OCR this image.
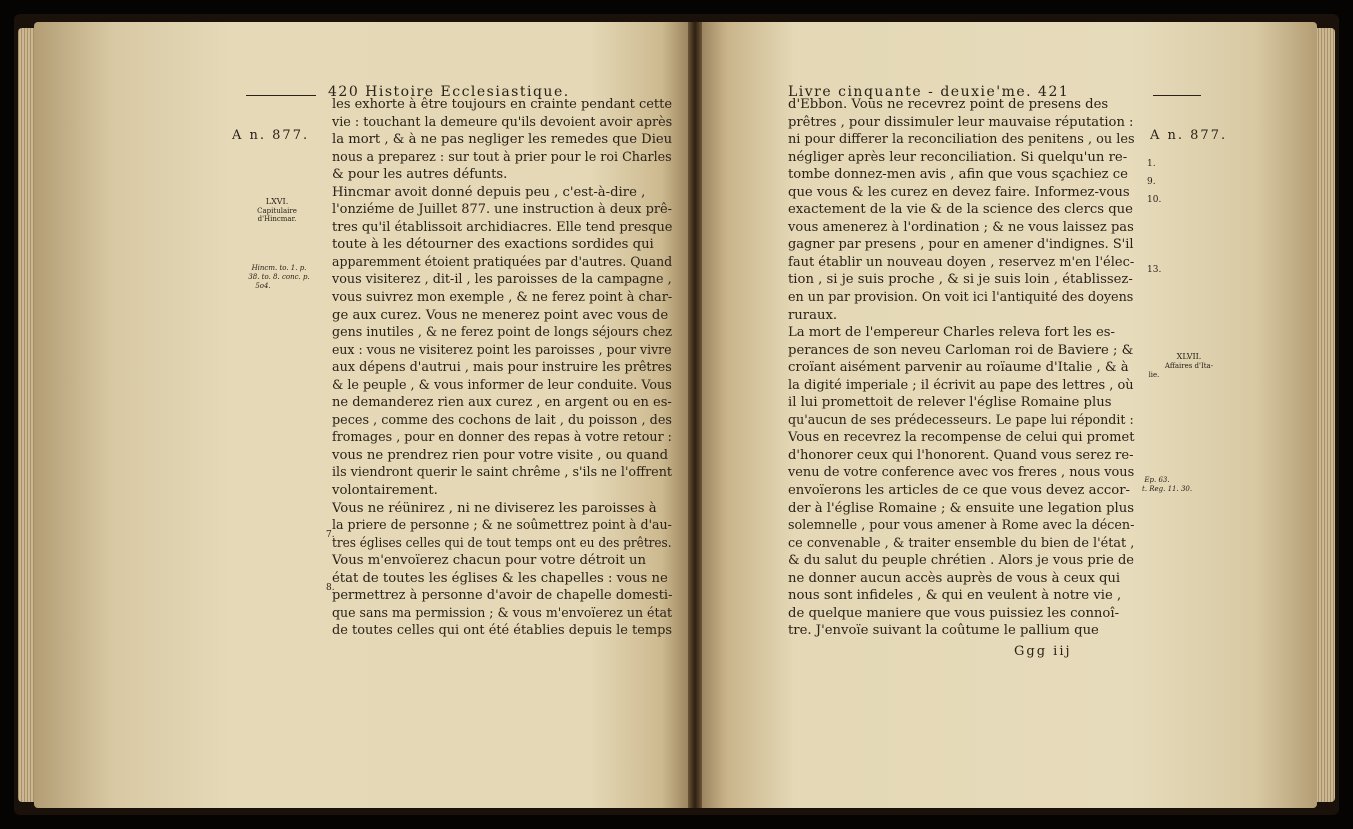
420 Histoire Ecclesiastique.
A n. 877.
LXVI.
Capitulaire
d'Hincmar.
Hincm. to. 1. p.
38. to. 8. conc. p.
5o4.
7.
8.
les exhorte à être toujours en crainte pendant cette
vie : touchant la demeure qu'ils devoient avoir après
la mort , & à ne pas negliger les remedes que Dieu
nous a preparez : sur tout à prier pour le roi Charles
& pour les autres défunts.
Hincmar avoit donné depuis peu , c'est-à-dire ,
l'onziéme de Juillet 877. une instruction à deux prê-
tres qu'il établissoit archidiacres. Elle tend presque
toute à les détourner des exactions sordides qui
apparemment étoient pratiquées par d'autres. Quand
vous visiterez , dit-il , les paroisses de la campagne ,
vous suivrez mon exemple , & ne ferez point à char-
ge aux curez. Vous ne menerez point avec vous de
gens inutiles , & ne ferez point de longs séjours chez
eux : vous ne visiterez point les paroisses , pour vivre
aux dépens d'autrui , mais pour instruire les prêtres
& le peuple , & vous informer de leur conduite. Vous
ne demanderez rien aux curez , en argent ou en es-
peces , comme des cochons de lait , du poisson , des
fromages , pour en donner des repas à votre retour :
vous ne prendrez rien pour votre visite , ou quand
ils viendront querir le saint chrême , s'ils ne l'offrent
volontairement.
Vous ne réünirez , ni ne diviserez les paroisses à
la priere de personne ; & ne soûmettrez point à d'au-
tres églises celles qui de tout temps ont eu des prêtres.
Vous m'envoïerez chacun pour votre détroit un
état de toutes les églises & les chapelles : vous ne
permettrez à personne d'avoir de chapelle domesti-
que sans ma permission ; & vous m'envoïerez un état
de toutes celles qui ont été établies depuis le temps
Livre cinquante - deuxie'me. 421
A n. 877.
1.
9.
10.
13.
XLVII.
Affaires d'Ita-
lie.
Ep. 63.
t. Reg. 11. 30.
d'Ebbon. Vous ne recevrez point de presens des
prêtres , pour dissimuler leur mauvaise réputation :
ni pour differer la reconciliation des penitens , ou les
négliger après leur reconciliation. Si quelqu'un re-
tombe donnez-men avis , afin que vous sçachiez ce
que vous & les curez en devez faire. Informez-vous
exactement de la vie & de la science des clercs que
vous amenerez à l'ordination ; & ne vous laissez pas
gagner par presens , pour en amener d'indignes. S'il
faut établir un nouveau doyen , reservez m'en l'élec-
tion , si je suis proche , & si je suis loin , établissez-
en un par provision. On voit ici l'antiquité des doyens
ruraux.
La mort de l'empereur Charles releva fort les es-
perances de son neveu Carloman roi de Baviere ; &
croïant aisément parvenir au roïaume d'Italie , & à
la digité imperiale ; il écrivit au pape des lettres , où
il lui promettoit de relever l'église Romaine plus
qu'aucun de ses prédecesseurs. Le pape lui répondit :
Vous en recevrez la recompense de celui qui promet
d'honorer ceux qui l'honorent. Quand vous serez re-
venu de votre conference avec vos freres , nous vous
envoïerons les articles de ce que vous devez accor-
der à l'église Romaine ; & ensuite une legation plus
solemnelle , pour vous amener à Rome avec la décen-
ce convenable , & traiter ensemble du bien de l'état ,
& du salut du peuple chrétien . Alors je vous prie de
ne donner aucun accès auprès de vous à ceux qui
nous sont infideles , & qui en veulent à notre vie ,
de quelque maniere que vous puissiez les connoî-
tre. J'envoïe suivant la coûtume le pallium que
Ggg iij
